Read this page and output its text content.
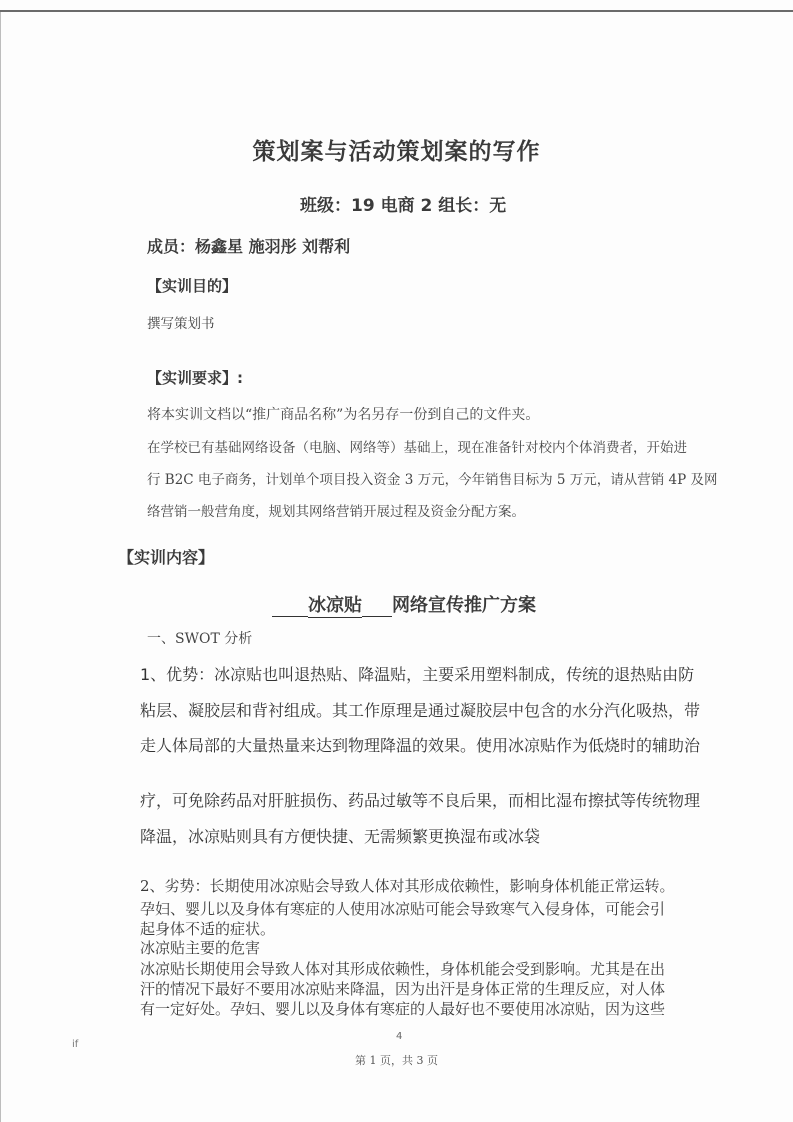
策划案与活动策划案的写作
班级：19 电商 2 组长：无
成员：杨鑫星 施羽彤 刘帮利
【实训目的】
撰写策划书
【实训要求】:
将本实训文档以“推广商品名称”为名另存一份到自己的文件夹。
在学校已有基础网络设备（电脑、网络等）基础上，现在准备针对校内个体消费者，开始进
行 B2C 电子商务，计划单个项目投入资金 3 万元，今年销售目标为 5 万元，请从营销 4P 及网
络营销一般营角度，规划其网络营销开展过程及资金分配方案。
【实训内容】
冰凉贴 网络宣传推广方案
一、SWOT 分析
1、优势：冰凉贴也叫退热贴、降温贴，主要采用塑料制成，传统的退热贴由防
粘层、凝胶层和背衬组成。其工作原理是通过凝胶层中包含的水分汽化吸热，带
走人体局部的大量热量来达到物理降温的效果。使用冰凉贴作为低烧时的辅助治
疗，可免除药品对肝脏损伤、药品过敏等不良后果，而相比湿布擦拭等传统物理
降温，冰凉贴则具有方便快捷、无需频繁更换湿布或冰袋
2、劣势：长期使用冰凉贴会导致人体对其形成依赖性，影响身体机能正常运转。
孕妇、婴儿以及身体有寒症的人使用冰凉贴可能会导致寒气入侵身体，可能会引
起身体不适的症状。
冰凉贴主要的危害
冰凉贴长期使用会导致人体对其形成依赖性，身体机能会受到影响。尤其是在出
汗的情况下最好不要用冰凉贴来降温，因为出汗是身体正常的生理反应，对人体
有一定好处。孕妇、婴儿以及身体有寒症的人最好也不要使用冰凉贴，因为这些
4
if
第 1 页，共 3 页
